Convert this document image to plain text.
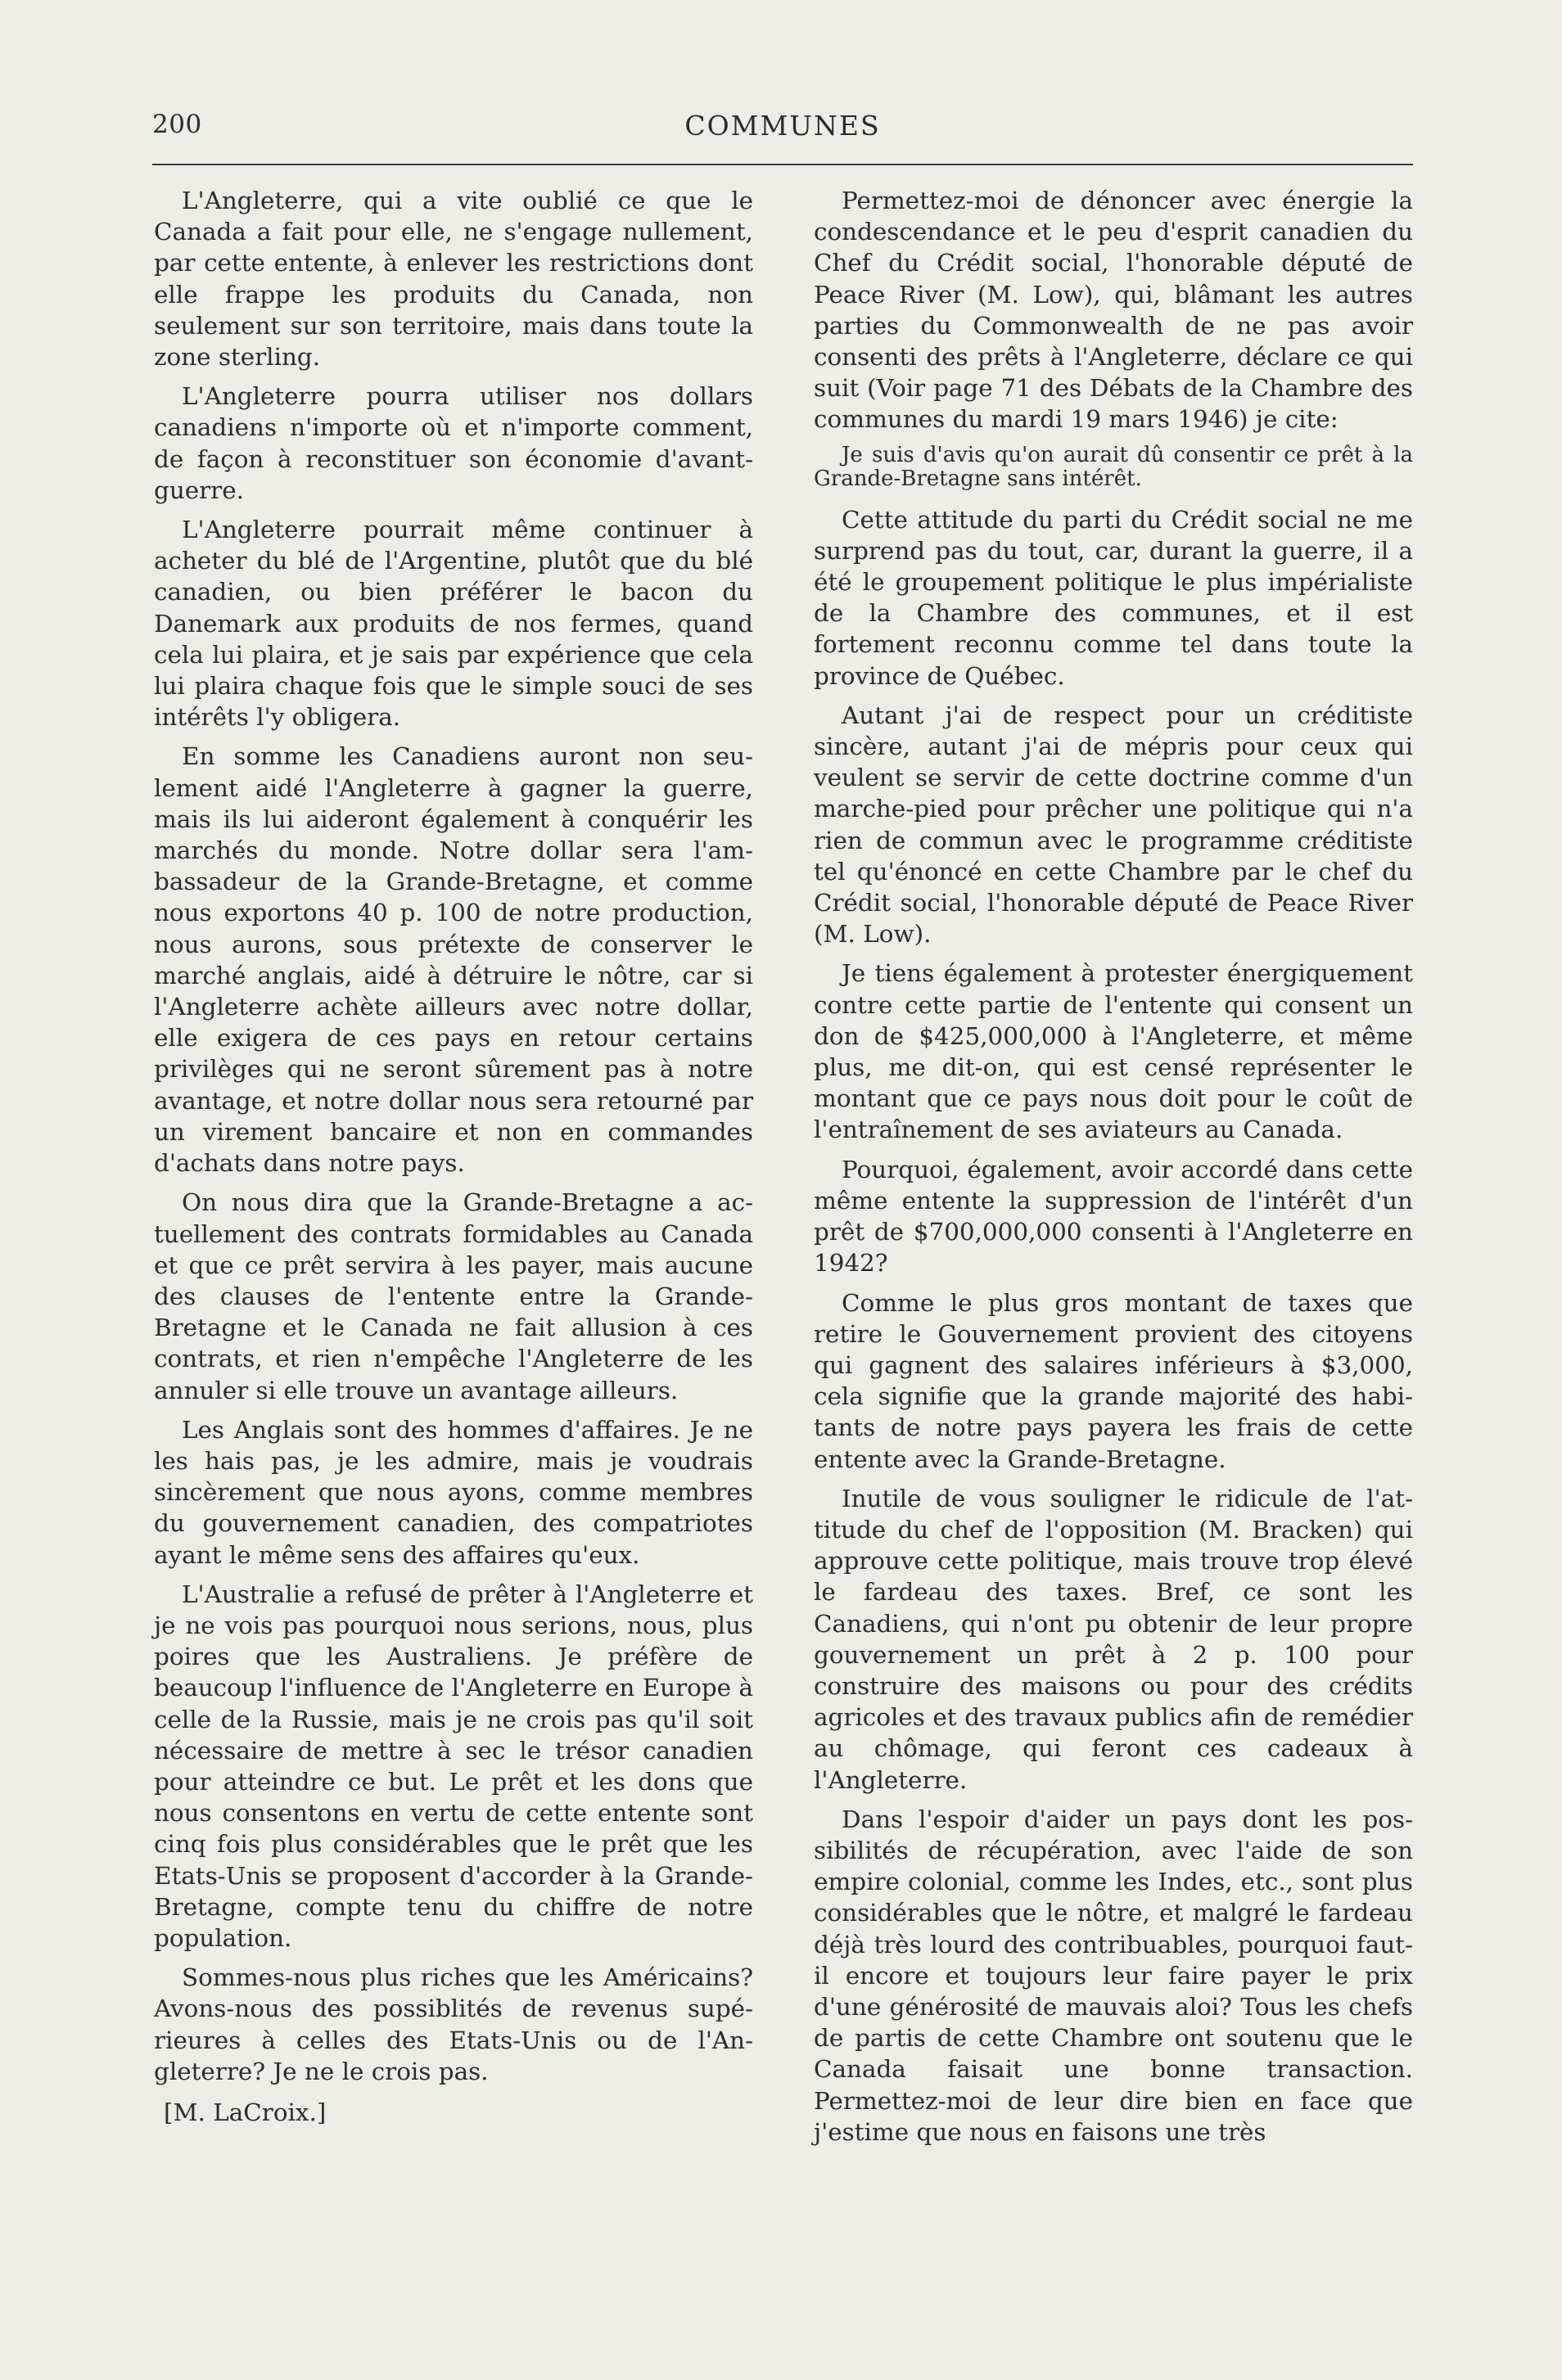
200	COMMUNES

L'Angleterre, qui a vite oublié ce que le Canada a fait pour elle, ne s'engage nullement, par cette entente, à enlever les restrictions dont elle frappe les produits du Canada, non seulement sur son territoire, mais dans toute la zone sterling.

L'Angleterre pourra utiliser nos dollars canadiens n'importe où et n'importe comment, de façon à reconstituer son économie d'avant-guerre.

L'Angleterre pourrait même continuer à acheter du blé de l'Argentine, plutôt que du blé canadien, ou bien préférer le bacon du Danemark aux produits de nos fermes, quand cela lui plaira, et je sais par expérience que cela lui plaira chaque fois que le simple souci de ses intérêts l'y obligera.

En somme les Canadiens auront non seulement aidé l'Angleterre à gagner la guerre, mais ils lui aideront également à conquérir les marchés du monde. Notre dollar sera l'ambassadeur de la Grande-Bretagne, et comme nous exportons 40 p. 100 de notre production, nous aurons, sous prétexte de conserver le marché anglais, aidé à détruire le nôtre, car si l'Angleterre achète ailleurs avec notre dollar, elle exigera de ces pays en retour certains privilèges qui ne seront sûrement pas à notre avantage, et notre dollar nous sera retourné par un virement bancaire et non en commandes d'achats dans notre pays.

On nous dira que la Grande-Bretagne a actuellement des contrats formidables au Canada et que ce prêt servira à les payer, mais aucune des clauses de l'entente entre la Grande-Bretagne et le Canada ne fait allusion à ces contrats, et rien n'empêche l'Angleterre de les annuler si elle trouve un avantage ailleurs.

Les Anglais sont des hommes d'affaires. Je ne les hais pas, je les admire, mais je voudrais sincèrement que nous ayons, comme membres du gouvernement canadien, des compatriotes ayant le même sens des affaires qu'eux.

L'Australie a refusé de prêter à l'Angleterre et je ne vois pas pourquoi nous serions, nous, plus poires que les Australiens. Je préfère de beaucoup l'influence de l'Angleterre en Europe à celle de la Russie, mais je ne crois pas qu'il soit nécessaire de mettre à sec le trésor canadien pour atteindre ce but. Le prêt et les dons que nous consentons en vertu de cette entente sont cinq fois plus considérables que le prêt que les Etats-Unis se proposent d'accorder à la Grande-Bretagne, compte tenu du chiffre de notre population.

Sommes-nous plus riches que les Américains? Avons-nous des possiblités de revenus supérieures à celles des Etats-Unis ou de l'Angleterre? Je ne le crois pas.

[M. LaCroix.]

Permettez-moi de dénoncer avec énergie la condescendance et le peu d'esprit canadien du Chef du Crédit social, l'honorable député de Peace River (M. Low), qui, blâmant les autres parties du Commonwealth de ne pas avoir consenti des prêts à l'Angleterre, déclare ce qui suit (Voir page 71 des Débats de la Chambre des communes du mardi 19 mars 1946) je cite:

Je suis d'avis qu'on aurait dû consentir ce prêt à la Grande-Bretagne sans intérêt.

Cette attitude du parti du Crédit social ne me surprend pas du tout, car, durant la guerre, il a été le groupement politique le plus impérialiste de la Chambre des communes, et il est fortement reconnu comme tel dans toute la province de Québec.

Autant j'ai de respect pour un créditiste sincère, autant j'ai de mépris pour ceux qui veulent se servir de cette doctrine comme d'un marche-pied pour prêcher une politique qui n'a rien de commun avec le programme créditiste tel qu'énoncé en cette Chambre par le chef du Crédit social, l'honorable député de Peace River (M. Low).

Je tiens également à protester énergiquement contre cette partie de l'entente qui consent un don de $425,000,000 à l'Angleterre, et même plus, me dit-on, qui est censé représenter le montant que ce pays nous doit pour le coût de l'entraînement de ses aviateurs au Canada.

Pourquoi, également, avoir accordé dans cette même entente la suppression de l'intérêt d'un prêt de $700,000,000 consenti à l'Angleterre en 1942?

Comme le plus gros montant de taxes que retire le Gouvernement provient des citoyens qui gagnent des salaires inférieurs à $3,000, cela signifie que la grande majorité des habitants de notre pays payera les frais de cette entente avec la Grande-Bretagne.

Inutile de vous souligner le ridicule de l'attitude du chef de l'opposition (M. Bracken) qui approuve cette politique, mais trouve trop élevé le fardeau des taxes. Bref, ce sont les Canadiens, qui n'ont pu obtenir de leur propre gouvernement un prêt à 2 p. 100 pour construire des maisons ou pour des crédits agricoles et des travaux publics afin de remédier au chômage, qui feront ces cadeaux à l'Angleterre.

Dans l'espoir d'aider un pays dont les possibilités de récupération, avec l'aide de son empire colonial, comme les Indes, etc., sont plus considérables que le nôtre, et malgré le fardeau déjà très lourd des contribuables, pourquoi faut-il encore et toujours leur faire payer le prix d'une générosité de mauvais aloi? Tous les chefs de partis de cette Chambre ont soutenu que le Canada faisait une bonne transaction. Permettez-moi de leur dire bien en face que j'estime que nous en faisons une très
